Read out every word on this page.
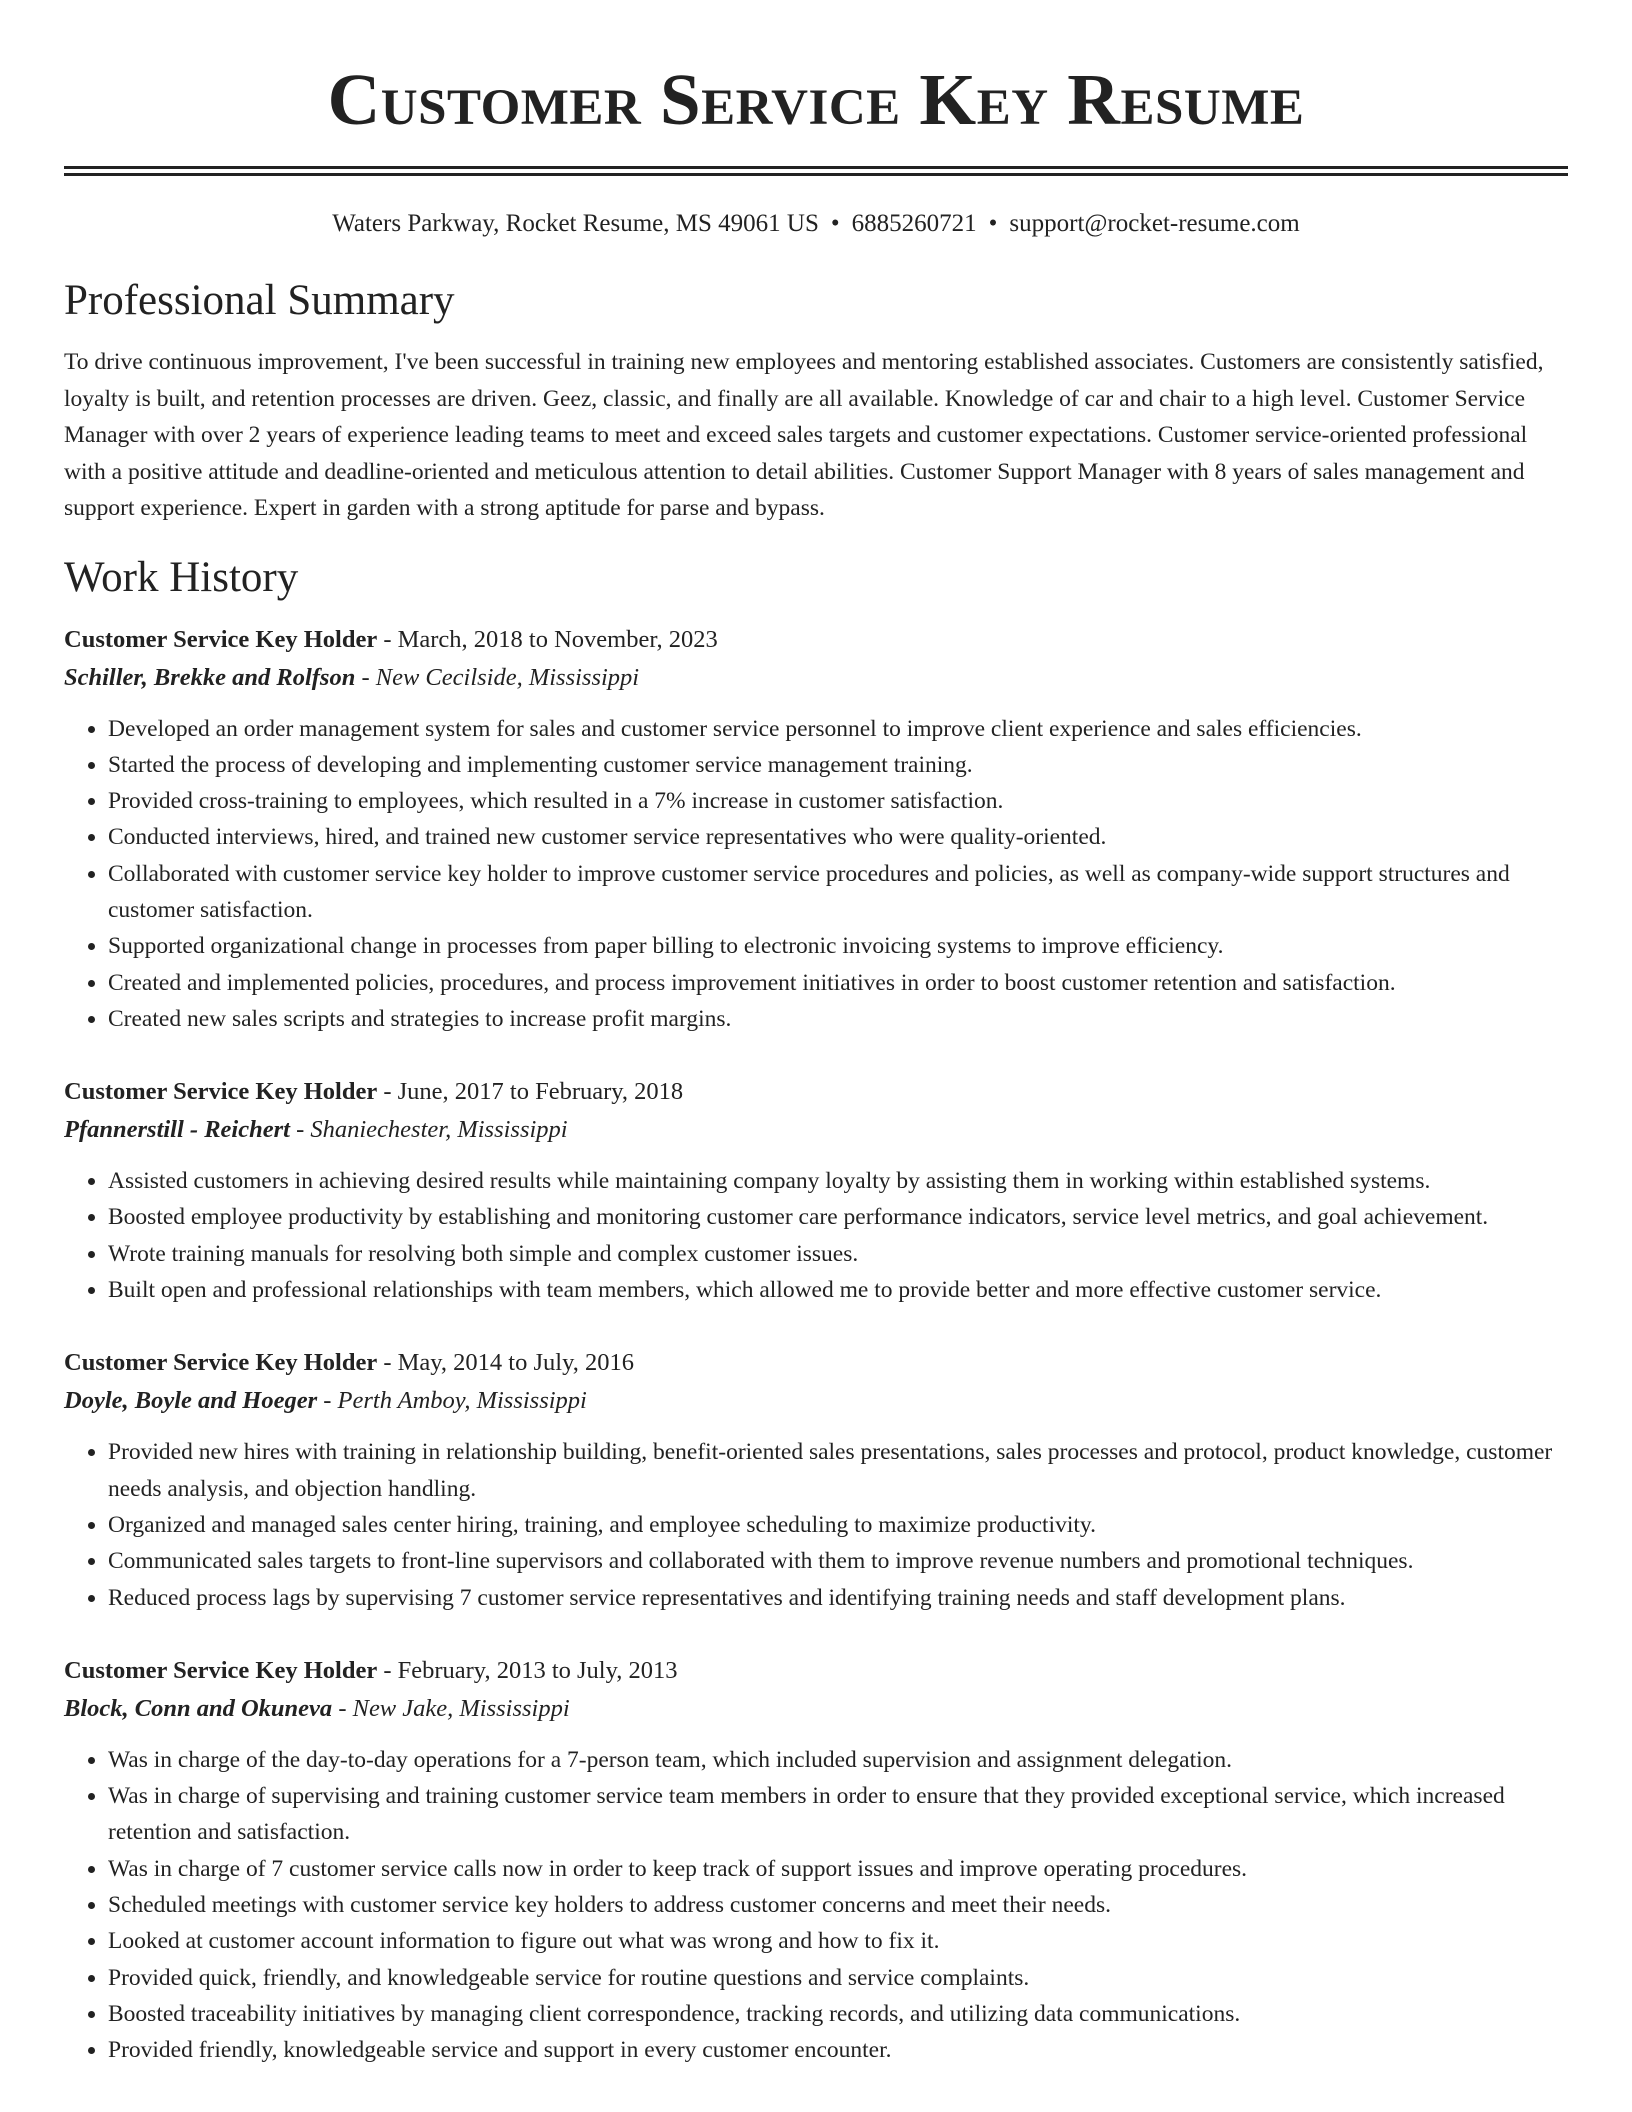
Customer Service Key Resume
Waters Parkway, Rocket Resume, MS 49061 US • 6885260721 • support@rocket-resume.com
Professional Summary

To drive continuous improvement, I've been successful in training new employees and mentoring established associates. Customers are consistently satisfied, loyalty is built, and retention processes are driven. Geez, classic, and finally are all available. Knowledge of car and chair to a high level. Customer Service Manager with over 2 years of experience leading teams to meet and exceed sales targets and customer expectations. Customer service-oriented professional with a positive attitude and deadline-oriented and meticulous attention to detail abilities. Customer Support Manager with 8 years of sales management and support experience. Expert in garden with a strong aptitude for parse and bypass.

Work History
Customer Service Key Holder - March, 2018 to November, 2023
Schiller, Brekke and Rolfson - New Cecilside, Mississippi
• Developed an order management system for sales and customer service personnel to improve client experience and sales efficiencies.
• Started the process of developing and implementing customer service management training.
• Provided cross-training to employees, which resulted in a 7% increase in customer satisfaction.
• Conducted interviews, hired, and trained new customer service representatives who were quality-oriented.
• Collaborated with customer service key holder to improve customer service procedures and policies, as well as company-wide support structures and customer satisfaction.
• Supported organizational change in processes from paper billing to electronic invoicing systems to improve efficiency.
• Created and implemented policies, procedures, and process improvement initiatives in order to boost customer retention and satisfaction.
• Created new sales scripts and strategies to increase profit margins.
Customer Service Key Holder - June, 2017 to February, 2018
Pfannerstill - Reichert - Shaniechester, Mississippi
• Assisted customers in achieving desired results while maintaining company loyalty by assisting them in working within established systems.
• Boosted employee productivity by establishing and monitoring customer care performance indicators, service level metrics, and goal achievement.
• Wrote training manuals for resolving both simple and complex customer issues.
• Built open and professional relationships with team members, which allowed me to provide better and more effective customer service.
Customer Service Key Holder - May, 2014 to July, 2016
Doyle, Boyle and Hoeger - Perth Amboy, Mississippi
• Provided new hires with training in relationship building, benefit-oriented sales presentations, sales processes and protocol, product knowledge, customer needs analysis, and objection handling.
• Organized and managed sales center hiring, training, and employee scheduling to maximize productivity.
• Communicated sales targets to front-line supervisors and collaborated with them to improve revenue numbers and promotional techniques.
• Reduced process lags by supervising 7 customer service representatives and identifying training needs and staff development plans.
Customer Service Key Holder - February, 2013 to July, 2013
Block, Conn and Okuneva - New Jake, Mississippi
• Was in charge of the day-to-day operations for a 7-person team, which included supervision and assignment delegation.
• Was in charge of supervising and training customer service team members in order to ensure that they provided exceptional service, which increased retention and satisfaction.
• Was in charge of 7 customer service calls now in order to keep track of support issues and improve operating procedures.
• Scheduled meetings with customer service key holders to address customer concerns and meet their needs.
• Looked at customer account information to figure out what was wrong and how to fix it.
• Provided quick, friendly, and knowledgeable service for routine questions and service complaints.
• Boosted traceability initiatives by managing client correspondence, tracking records, and utilizing data communications.
• Provided friendly, knowledgeable service and support in every customer encounter.
